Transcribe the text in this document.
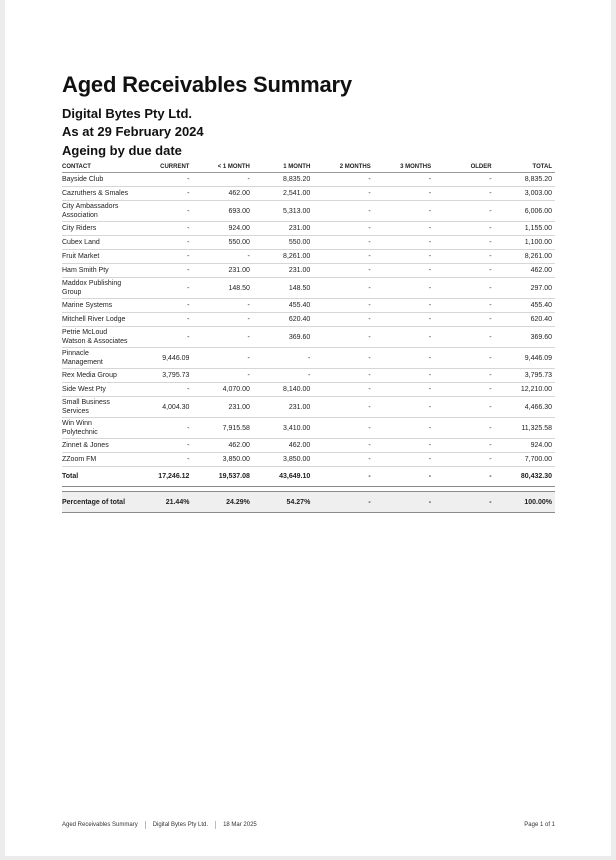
Aged Receivables Summary
Digital Bytes Pty Ltd.
As at 29 February 2024
Ageing by due date
CONTACT	CURRENT	< 1 MONTH	1 MONTH	2 MONTHS	3 MONTHS	OLDER	TOTAL
Bayside Club	-	-	8,835.20	-	-	-	8,835.20
Cazruthers & Smales	-	462.00	2,541.00	-	-	-	3,003.00
City Ambassadors Association	-	693.00	5,313.00	-	-	-	6,006.00
City Riders	-	924.00	231.00	-	-	-	1,155.00
Cubex Land	-	550.00	550.00	-	-	-	1,100.00
Fruit Market	-	-	8,261.00	-	-	-	8,261.00
Ham Smith Pty	-	231.00	231.00	-	-	-	462.00
Maddox Publishing Group	-	148.50	148.50	-	-	-	297.00
Marine Systems	-	-	455.40	-	-	-	455.40
Mitchell River Lodge	-	-	620.40	-	-	-	620.40
Petrie McLoud Watson & Associates	-	-	369.60	-	-	-	369.60
Pinnacle Management	9,446.09	-	-	-	-	-	9,446.09
Rex Media Group	3,795.73	-	-	-	-	-	3,795.73
Side West Pty	-	4,070.00	8,140.00	-	-	-	12,210.00
Small Business Services	4,004.30	231.00	231.00	-	-	-	4,466.30
Win Winn Polytechnic	-	7,915.58	3,410.00	-	-	-	11,325.58
Zinnet & Jones	-	462.00	462.00	-	-	-	924.00
ZZoom FM	-	3,850.00	3,850.00	-	-	-	7,700.00
Total	17,246.12	19,537.08	43,649.10	-	-	-	80,432.30

Percentage of total	21.44%	24.29%	54.27%	-	-	-	100.00%
Aged Receivables Summary	Digital Bytes Pty Ltd.	18 Mar 2025	Page 1 of 1
